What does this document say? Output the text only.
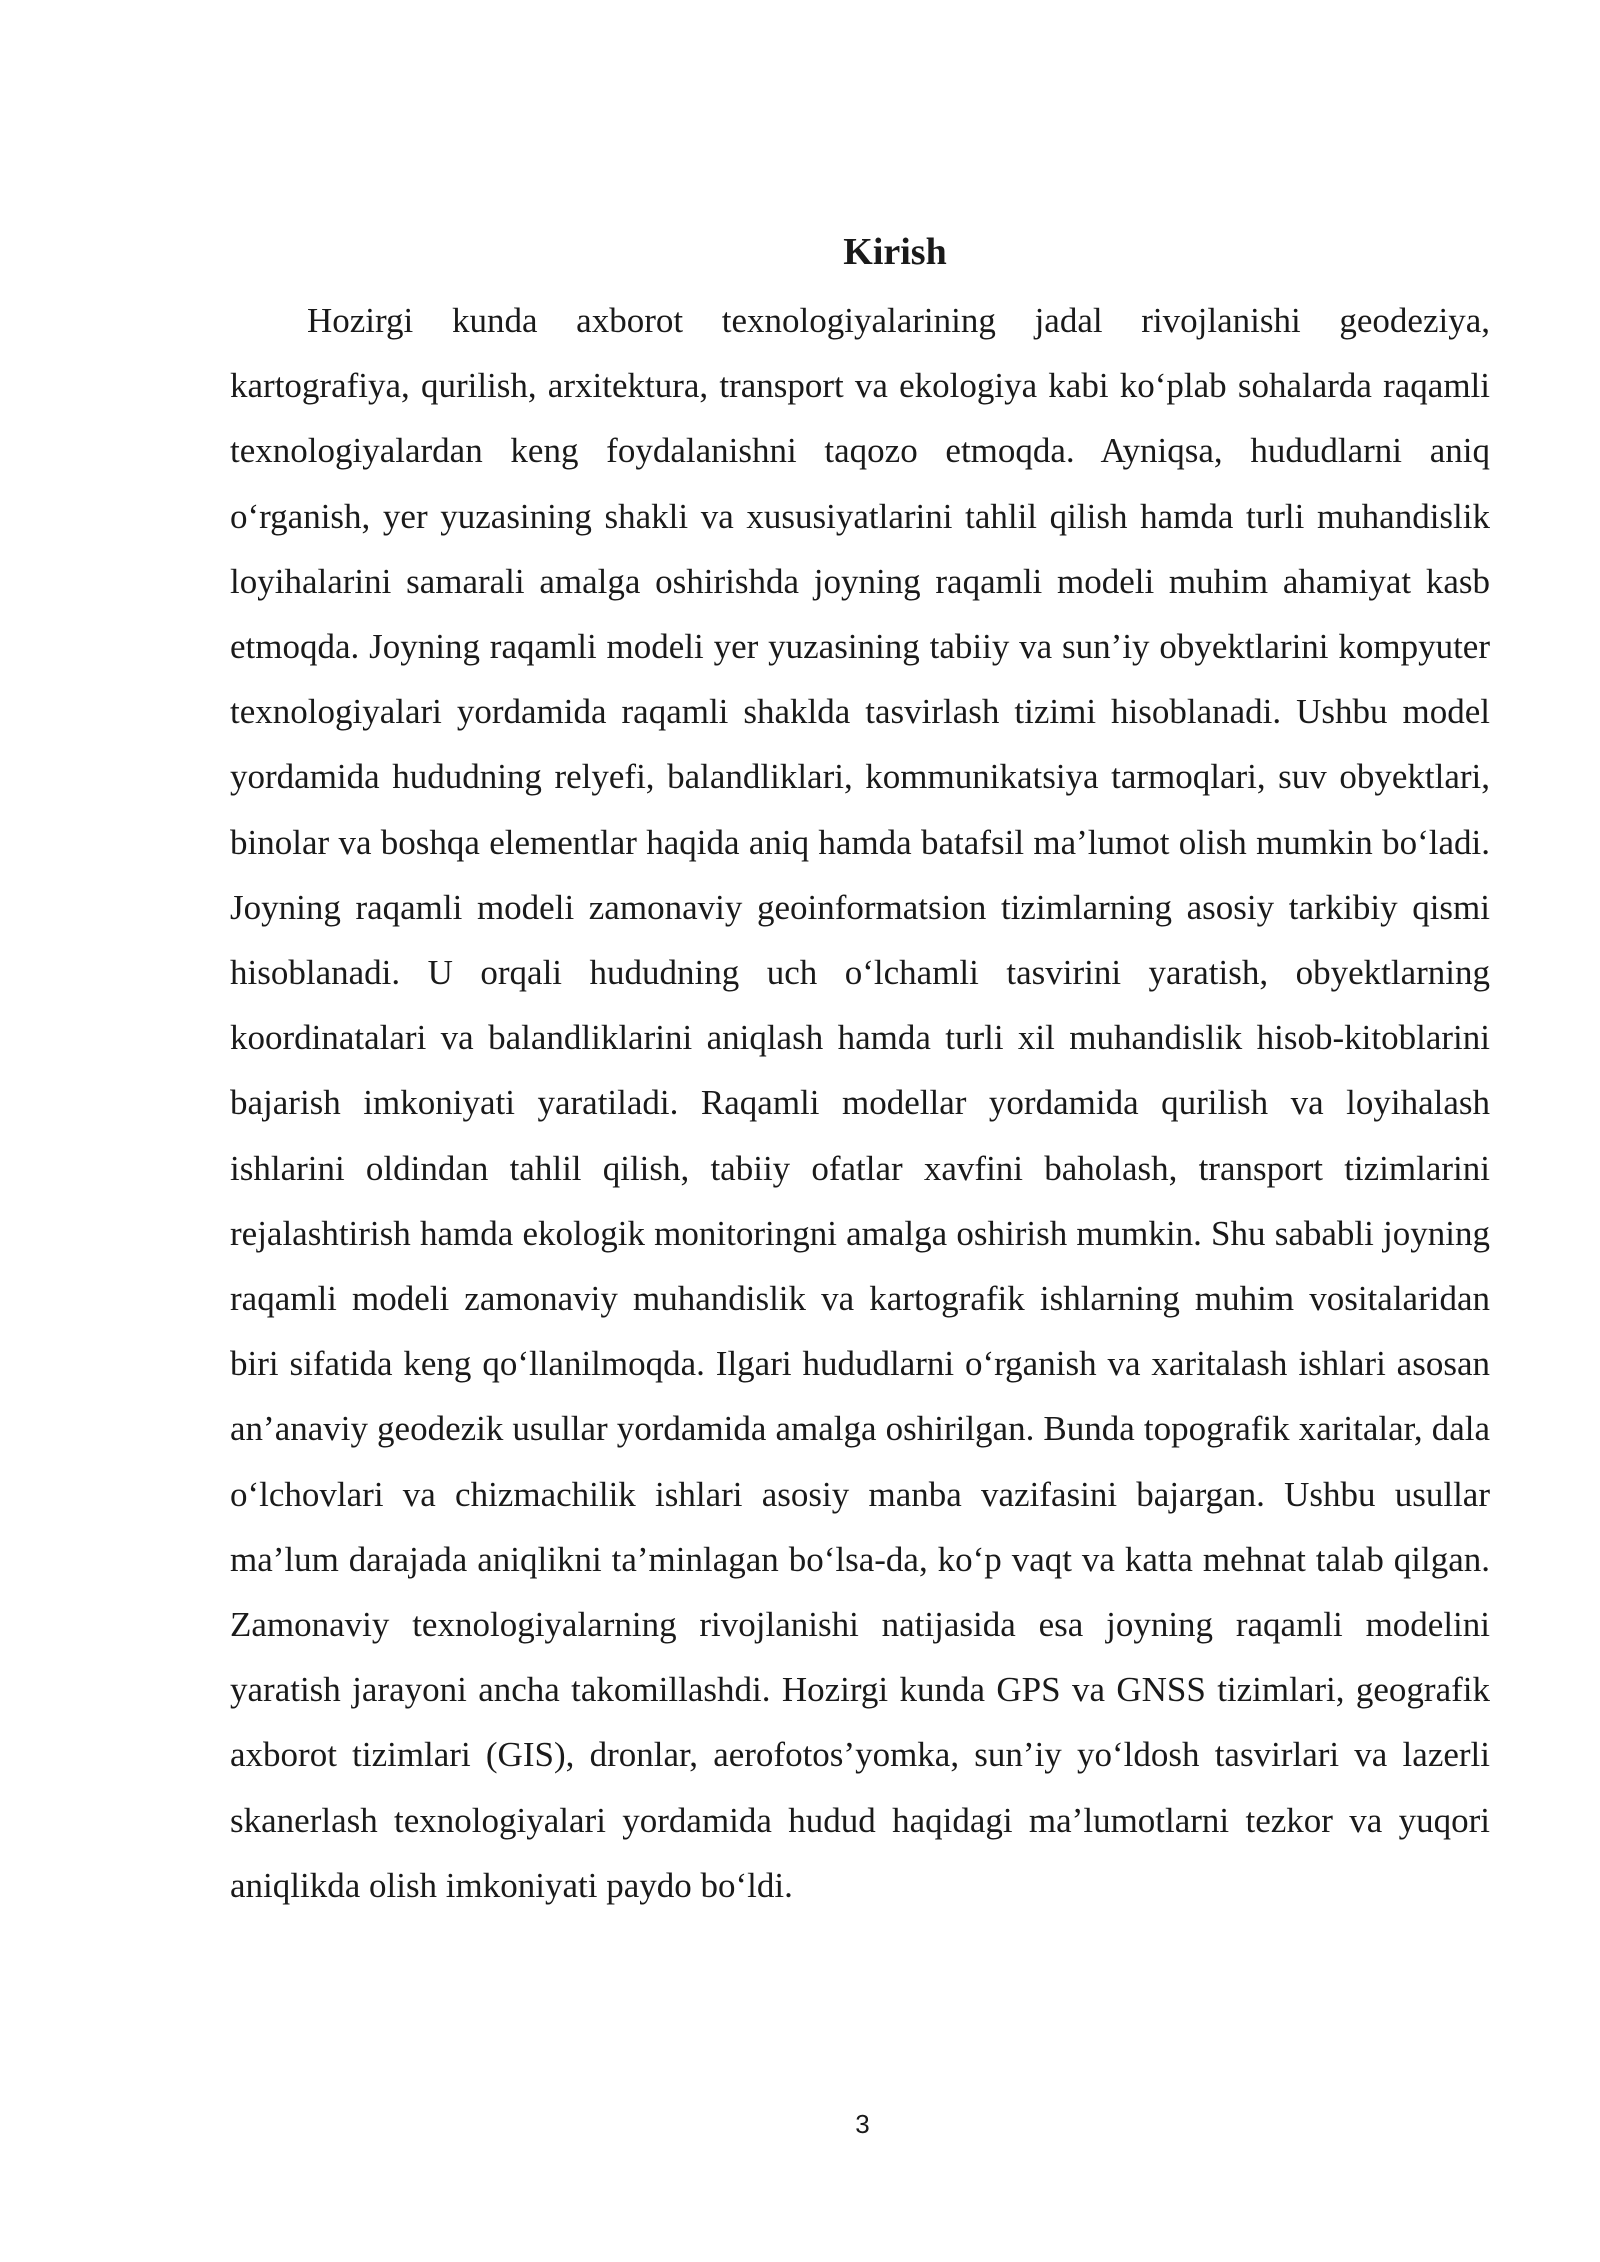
Kirish

Hozirgi kunda axborot texnologiyalarining jadal rivojlanishi geodeziya, kartografiya, qurilish, arxitektura, transport va ekologiya kabi ko‘plab sohalarda raqamli texnologiyalardan keng foydalanishni taqozo etmoqda. Ayniqsa, hududlarni aniq o‘rganish, yer yuzasining shakli va xususiyatlarini tahlil qilish hamda turli muhandislik loyihalarini samarali amalga oshirishda joyning raqamli modeli muhim ahamiyat kasb etmoqda. Joyning raqamli modeli yer yuzasining tabiiy va sun’iy obyektlarini kompyuter texnologiyalari yordamida raqamli shaklda tasvirlash tizimi hisoblanadi. Ushbu model yordamida hududning relyefi, balandliklari, kommunikatsiya tarmoqlari, suv obyektlari, binolar va boshqa elementlar haqida aniq hamda batafsil ma’lumot olish mumkin bo‘ladi. Joyning raqamli modeli zamonaviy geoinformatsion tizimlarning asosiy tarkibiy qismi hisoblanadi. U orqali hududning uch o‘lchamli tasvirini yaratish, obyektlarning koordinatalari va balandliklarini aniqlash hamda turli xil muhandislik hisob-kitoblarini bajarish imkoniyati yaratiladi. Raqamli modellar yordamida qurilish va loyihalash ishlarini oldindan tahlil qilish, tabiiy ofatlar xavfini baholash, transport tizimlarini rejalashtirish hamda ekologik monitoringni amalga oshirish mumkin. Shu sababli joyning raqamli modeli zamonaviy muhandislik va kartografik ishlarning muhim vositalaridan biri sifatida keng qo‘llanilmoqda. Ilgari hududlarni o‘rganish va xaritalash ishlari asosan an’anaviy geodezik usullar yordamida amalga oshirilgan. Bunda topografik xaritalar, dala o‘lchovlari va chizmachilik ishlari asosiy manba vazifasini bajargan. Ushbu usullar ma’lum darajada aniqlikni ta’minlagan bo‘lsa-da, ko‘p vaqt va katta mehnat talab qilgan. Zamonaviy texnologiyalarning rivojlanishi natijasida esa joyning raqamli modelini yaratish jarayoni ancha takomillashdi. Hozirgi kunda GPS va GNSS tizimlari, geografik axborot tizimlari (GIS), dronlar, aerofotos’yomka, sun’iy yo‘ldosh tasvirlari va lazerli skanerlash texnologiyalari yordamida hudud haqidagi ma’lumotlarni tezkor va yuqori aniqlikda olish imkoniyati paydo bo‘ldi.

3
